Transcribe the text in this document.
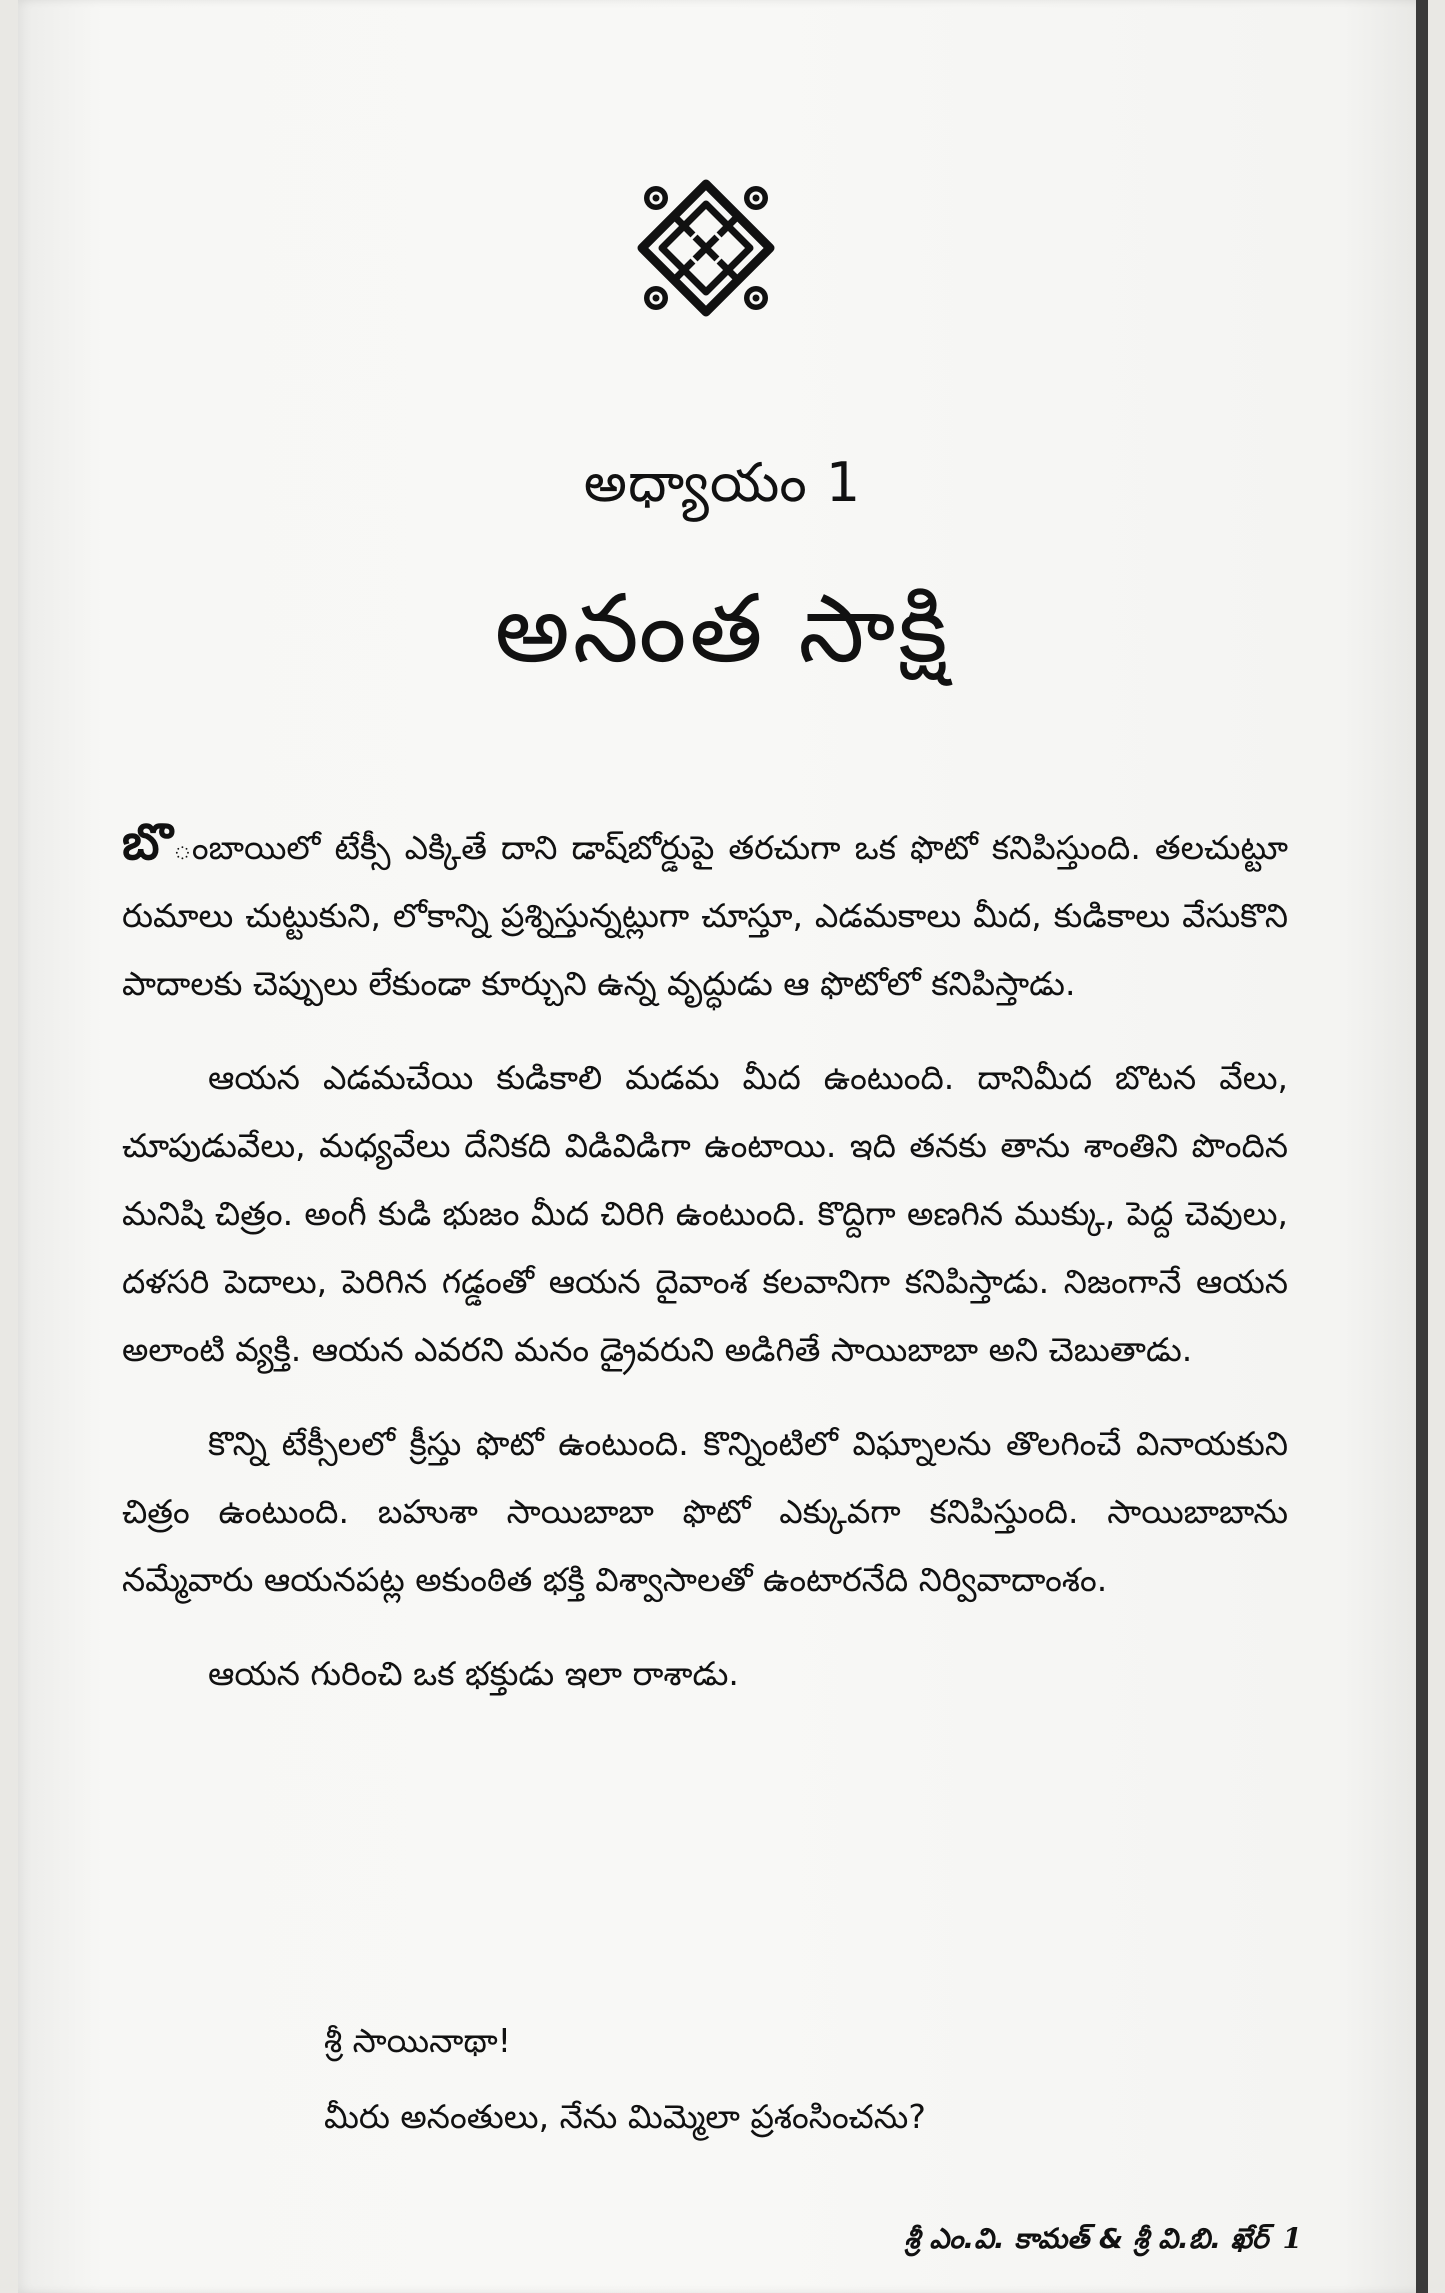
అధ్యాయం 1
అనంత సాక్షి

బొంబాయిలో టేక్సీ ఎక్కితే దాని డాష్‌బోర్డుపై తరచుగా ఒక ఫొటో కనిపిస్తుంది. తలచుట్టూ రుమాలు చుట్టుకుని, లోకాన్ని ప్రశ్నిస్తున్నట్లుగా చూస్తూ, ఎడమకాలు మీద, కుడికాలు వేసుకొని పాదాలకు చెప్పులు లేకుండా కూర్చుని ఉన్న వృద్ధుడు ఆ ఫొటోలో కనిపిస్తాడు.

ఆయన ఎడమచేయి కుడికాలి మడమ మీద ఉంటుంది. దానిమీద బొటన వేలు, చూపుడువేలు, మధ్యవేలు దేనికది విడివిడిగా ఉంటాయి. ఇది తనకు తాను శాంతిని పొందిన మనిషి చిత్రం. అంగీ కుడి భుజం మీద చిరిగి ఉంటుంది. కొద్దిగా అణగిన ముక్కు, పెద్ద చెవులు, దళసరి పెదాలు, పెరిగిన గడ్డంతో ఆయన దైవాంశ కలవానిగా కనిపిస్తాడు. నిజంగానే ఆయన అలాంటి వ్యక్తి. ఆయన ఎవరని మనం డ్రైవరుని అడిగితే సాయిబాబా అని చెబుతాడు.

కొన్ని టేక్సీలలో క్రీస్తు ఫొటో ఉంటుంది. కొన్నింటిలో విఘ్నాలను తొలగించే వినాయకుని చిత్రం ఉంటుంది. బహుశా సాయిబాబా ఫొటో ఎక్కువగా కనిపిస్తుంది. సాయిబాబాను నమ్మేవారు ఆయనపట్ల అకుంఠిత భక్తి విశ్వాసాలతో ఉంటారనేది నిర్వివాదాంశం.

ఆయన గురించి ఒక భక్తుడు ఇలా రాశాడు.

శ్రీ సాయినాథా!
మీరు అనంతులు, నేను మిమ్మెలా ప్రశంసించను?
శ్రీ ఎం.వి. కామత్ & శ్రీ వి.బి. ఖేర్ 1
